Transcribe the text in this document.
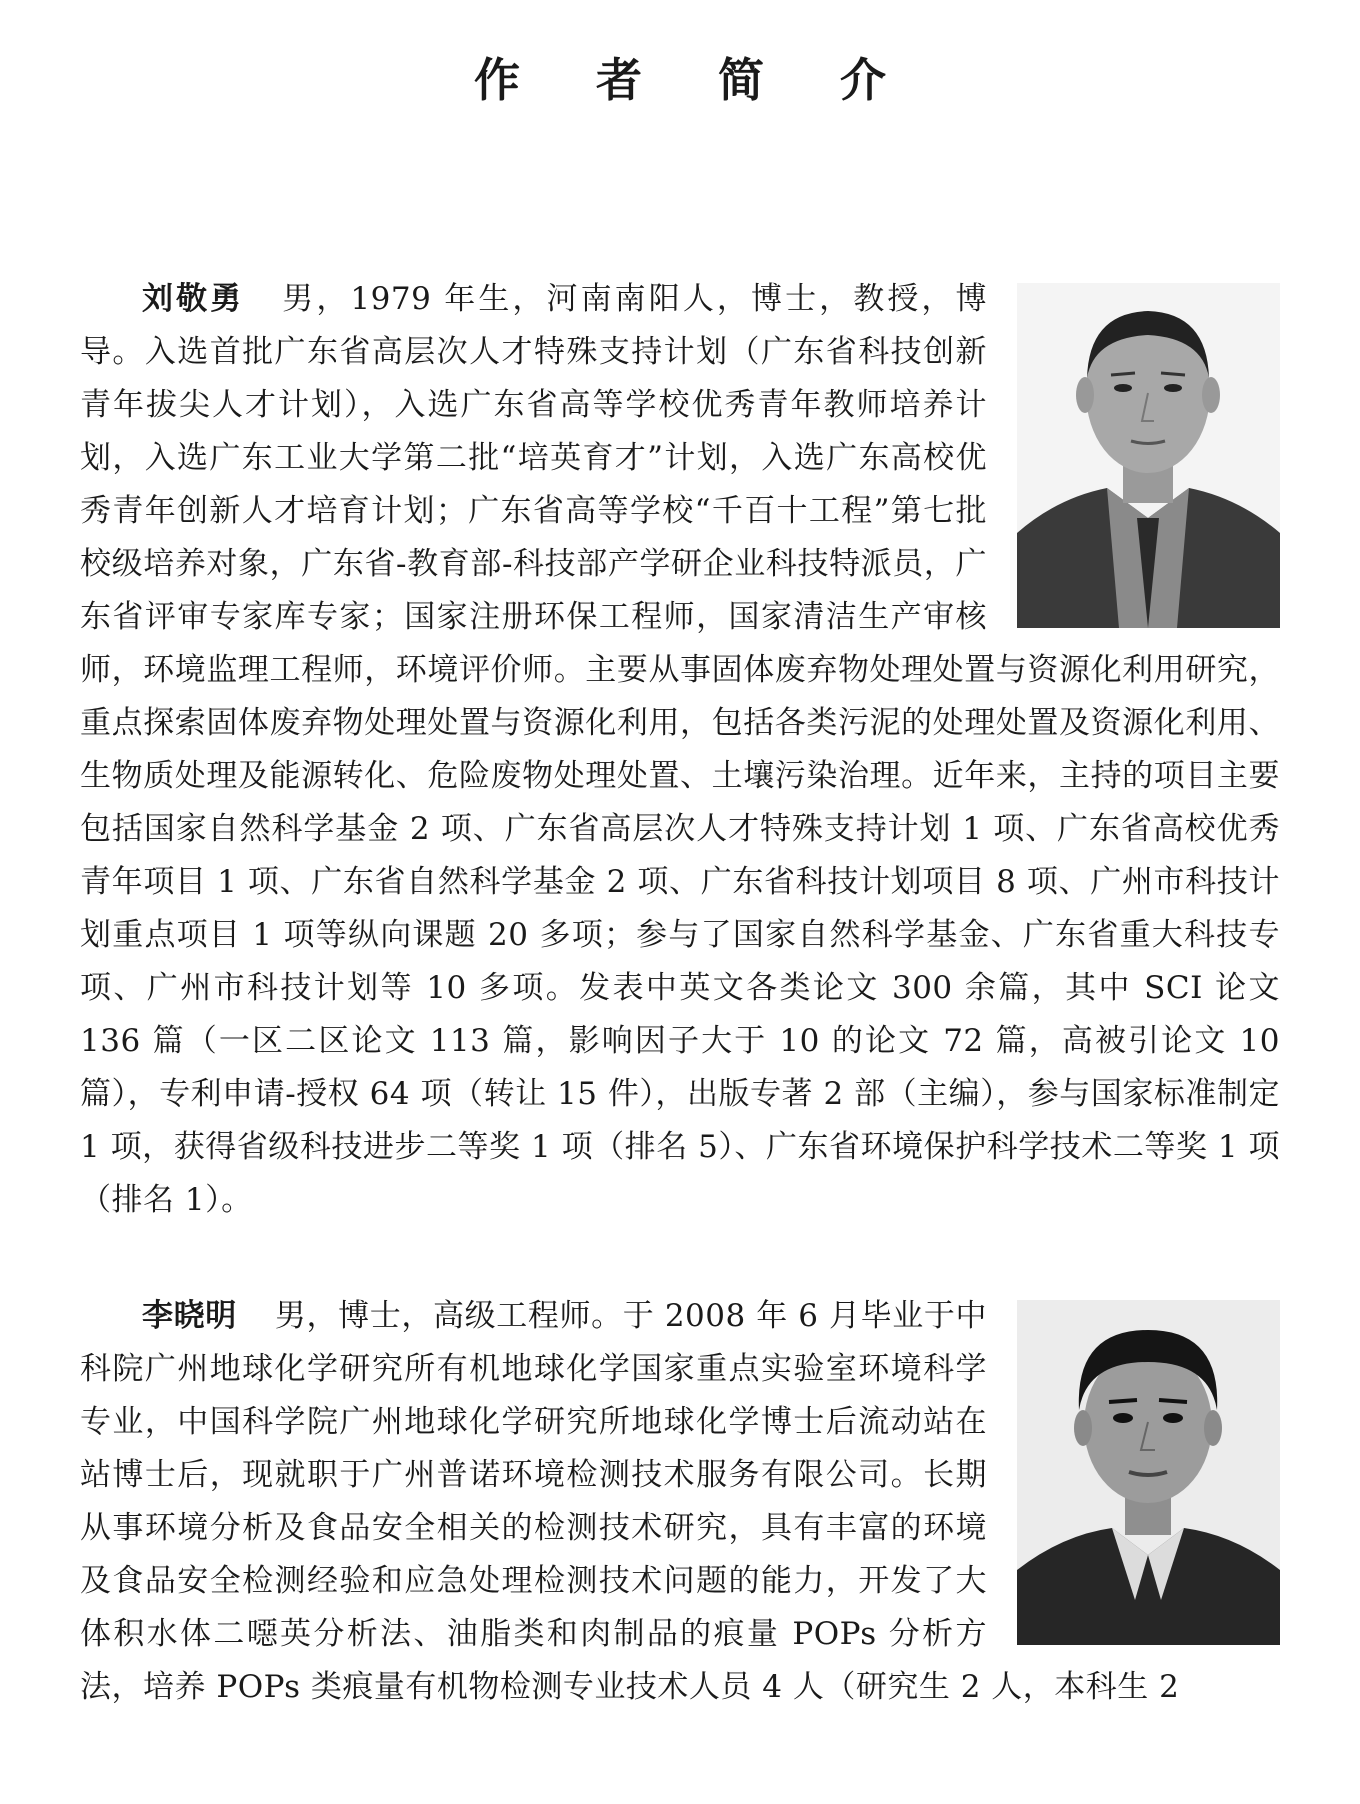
作 者 简 介
刘敬勇 男，1979 年生，河南南阳人，博士，教授，博导。入选首批广东省高层次人才特殊支持计划（广东省科技创新青年拔尖人才计划），入选广东省高等学校优秀青年教师培养计划，入选广东工业大学第二批“培英育才”计划，入选广东高校优秀青年创新人才培育计划；广东省高等学校“千百十工程”第七批校级培养对象，广东省-教育部-科技部产学研企业科技特派员，广东省评审专家库专家；国家注册环保工程师，国家清洁生产审核师，环境监理工程师，环境评价师。主要从事固体废弃物处理处置与资源化利用研究，重点探索固体废弃物处理处置与资源化利用，包括各类污泥的处理处置及资源化利用、生物质处理及能源转化、危险废物处理处置、土壤污染治理。近年来，主持的项目主要包括国家自然科学基金 2 项、广东省高层次人才特殊支持计划 1 项、广东省高校优秀青年项目 1 项、广东省自然科学基金 2 项、广东省科技计划项目 8 项、广州市科技计划重点项目 1 项等纵向课题 20 多项；参与了国家自然科学基金、广东省重大科技专项、广州市科技计划等 10 多项。发表中英文各类论文 300 余篇，其中 SCI 论文 136 篇（一区二区论文 113 篇，影响因子大于 10 的论文 72 篇，高被引论文 10 篇），专利申请-授权 64 项（转让 15 件），出版专著 2 部（主编），参与国家标准制定 1 项，获得省级科技进步二等奖 1 项（排名 5）、广东省环境保护科学技术二等奖 1 项（排名 1）。
李晓明 男，博士，高级工程师。于 2008 年 6 月毕业于中科院广州地球化学研究所有机地球化学国家重点实验室环境科学专业，中国科学院广州地球化学研究所地球化学博士后流动站在站博士后，现就职于广州普诺环境检测技术服务有限公司。长期从事环境分析及食品安全相关的检测技术研究，具有丰富的环境及食品安全检测经验和应急处理检测技术问题的能力，开发了大体积水体二噁英分析法、油脂类和肉制品的痕量 POPs 分析方法，培养 POPs 类痕量有机物检测专业技术人员 4 人（研究生 2 人，本科生 2
